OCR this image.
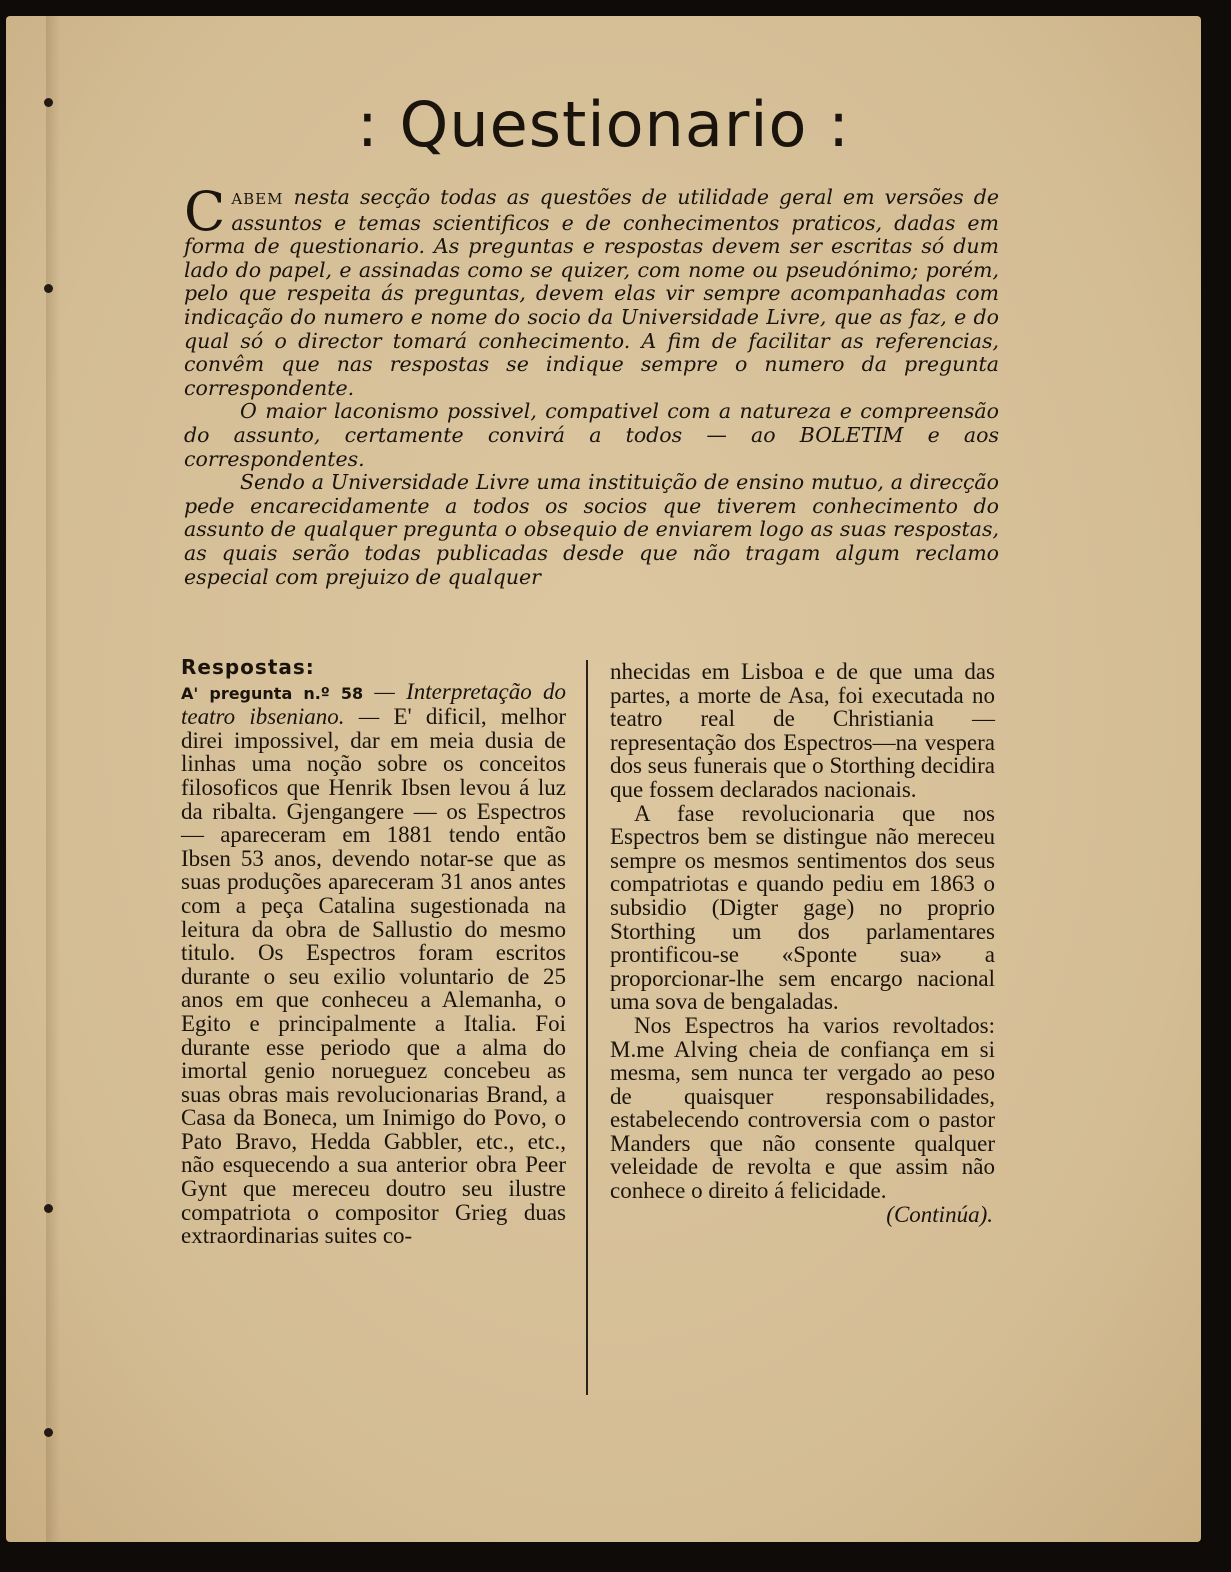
: Questionario :

CABEM nesta secção todas as questões de utilidade geral em versões de assuntos e temas scientificos e de conhecimentos praticos, dadas em forma de questionario. As preguntas e respostas devem ser escritas só dum lado do papel, e assinadas como se quizer, com nome ou pseudónimo; porém, pelo que respeita ás preguntas, devem elas vir sempre acompanhadas com indicação do numero e nome do socio da Universidade Livre, que as faz, e do qual só o director tomará conhecimento. A fim de facilitar as referencias, convêm que nas respostas se indique sempre o numero da pregunta correspondente.

O maior laconismo possivel, compativel com a natureza e compreensão do assunto, certamente convirá a todos — ao BOLETIM e aos correspondentes.

Sendo a Universidade Livre uma instituição de ensino mutuo, a direcção pede encarecidamente a todos os socios que tiverem conhecimento do assunto de qualquer pregunta o obsequio de enviarem logo as suas respostas, as quais serão todas publicadas desde que não tragam algum reclamo especial com prejuizo de qualquer

Respostas:

A' pregunta n.º 58 — Interpretação do teatro ibseniano. — E' dificil, melhor direi impossivel, dar em meia dusia de linhas uma noção sobre os conceitos filosoficos que Henrik Ibsen levou á luz da ribalta. Gjengangere — os Espectros — apareceram em 1881 tendo então Ibsen 53 anos, devendo notar-se que as suas produções apareceram 31 anos antes com a peça Catalina sugestionada na leitura da obra de Sallustio do mesmo titulo. Os Espectros foram escritos durante o seu exilio voluntario de 25 anos em que conheceu a Alemanha, o Egito e principalmente a Italia. Foi durante esse periodo que a alma do imortal genio norueguez concebeu as suas obras mais revolucionarias Brand, a Casa da Boneca, um Inimigo do Povo, o Pato Bravo, Hedda Gabbler, etc., etc., não esquecendo a sua anterior obra Peer Gynt que mereceu doutro seu ilustre compatriota o compositor Grieg duas extraordinarias suites co-

nhecidas em Lisboa e de que uma das partes, a morte de Asa, foi executada no teatro real de Christiania — representação dos Espectros—na vespera dos seus funerais que o Storthing decidira que fossem declarados nacionais.

A fase revolucionaria que nos Espectros bem se distingue não mereceu sempre os mesmos sentimentos dos seus compatriotas e quando pediu em 1863 o subsidio (Digter gage) no proprio Storthing um dos parlamentares prontificou-se «Sponte sua» a proporcionar-lhe sem encargo nacional uma sova de bengaladas.

Nos Espectros ha varios revoltados: M.me Alving cheia de confiança em si mesma, sem nunca ter vergado ao peso de quaisquer responsabilidades, estabelecendo controversia com o pastor Manders que não consente qualquer veleidade de revolta e que assim não conhece o direito á felicidade.

(Continúa).
